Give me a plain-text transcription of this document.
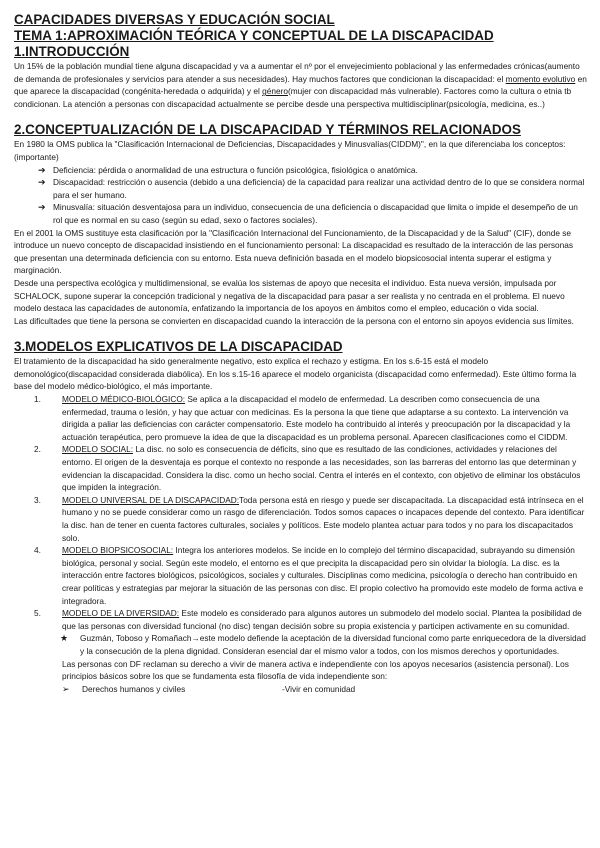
CAPACIDADES DIVERSAS Y EDUCACIÓN SOCIAL
TEMA 1:APROXIMACIÓN TEÓRICA Y CONCEPTUAL DE LA DISCAPACIDAD
1.INTRODUCCIÓN

Un 15% de la población mundial tiene alguna discapacidad y va a aumentar el nº por el envejecimiento poblacional y las enfermedades crónicas(aumento de demanda de profesionales y servicios para atender a sus necesidades). Hay muchos factores que condicionan la discapacidad: el momento evolutivo en que aparece la discapacidad (congénita-heredada o adquirida) y el género(mujer con discapacidad más vulnerable). Factores como la cultura o etnia tb condicionan. La atención a personas con discapacidad actualmente se percibe desde una perspectiva multidisciplinar(psicología, medicina, es..)

2.CONCEPTUALIZACIÓN DE LA DISCAPACIDAD Y TÉRMINOS RELACIONADOS

En 1980 la OMS publica la "Clasificación Internacional de Deficiencias, Discapacidades y Minusvalías(CIDDM)", en la que diferenciaba los conceptos: (importante)

➔ Deficiencia: pérdida o anormalidad de una estructura o función psicológica, fisiológica o anatómica.
➔ Discapacidad: restricción o ausencia (debido a una deficiencia) de la capacidad para realizar una actividad dentro de lo que se considera normal para el ser humano.
➔ Minusvalía: situación desventajosa para un individuo, consecuencia de una deficiencia o discapacidad que limita o impide el desempeño de un rol que es normal en su caso (según su edad, sexo o factores sociales).

En el 2001 la OMS sustituye esta clasificación por la "Clasificación Internacional del Funcionamiento, de la Discapacidad y de la Salud" (CIF), donde se introduce un nuevo concepto de discapacidad insistiendo en el funcionamiento personal: La discapacidad es resultado de la interacción de las personas que presentan una determinada deficiencia con su entorno. Esta nueva definición basada en el modelo biopsicosocial intenta superar el estigma y marginación.

Desde una perspectiva ecológica y multidimensional, se evalúa los sistemas de apoyo que necesita el individuo. Esta nueva versión, impulsada por SCHALOCK, supone superar la concepción tradicional y negativa de la discapacidad para pasar a ser realista y no centrada en el problema. El nuevo modelo destaca las capacidades de autonomía, enfatizando la importancia de los apoyos en ámbitos como el empleo, educación o vida social.

Las dificultades que tiene la persona se convierten en discapacidad cuando la interacción de la persona con el entorno sin apoyos evidencia sus límites.

3.MODELOS EXPLICATIVOS DE LA DISCAPACIDAD

El tratamiento de la discapacidad ha sido generalmente negativo, esto explica el rechazo y estigma. En los s.6-15 está el modelo demonológico(discapacidad considerada diabólica). En los s.15-16 aparece el modelo organicista (discapacidad como enfermedad). Este último forma la base del modelo médico-biológico, el más importante.

1.	MODELO MÉDICO-BIOLÓGICO: Se aplica a la discapacidad el modelo de enfermedad. La describen como consecuencia de una enfermedad, trauma o lesión, y hay que actuar con medicinas. Es la persona la que tiene que adaptarse a su contexto. La intervención va dirigida a paliar las deficiencias con carácter compensatorio. Este modelo ha contribuido al interés y preocupación por la discapacidad y la actuación terapéutica, pero promueve la idea de que la discapacidad es un problema personal. Aparecen clasificaciones como el CIDDM.
2.	MODELO SOCIAL: La disc. no solo es consecuencia de déficits, sino que es resultado de las condiciones, actividades y relaciones del entorno. El origen de la desventaja es porque el contexto no responde a las necesidades, son las barreras del entorno las que determinan y evidencian la discapacidad. Considera la disc. como un hecho social. Centra el interés en el contexto, con objetivo de eliminar los obstáculos que impiden la integración.
3.	MODELO UNIVERSAL DE LA DISCAPACIDAD:Toda persona está en riesgo y puede ser discapacitada. La discapacidad está intrínseca en el humano y no se puede considerar como un rasgo de diferenciación. Todos somos capaces o incapaces depende del contexto. Para identificar la disc. han de tener en cuenta factores culturales, sociales y políticos. Este modelo plantea actuar para todos y no para los discapacitados solo.
4.	MODELO BIOPSICOSOCIAL: Integra los anteriores modelos. Se incide en lo complejo del término discapacidad, subrayando su dimensión biológica, personal y social. Según este modelo, el entorno es el que precipita la discapacidad pero sin olvidar la biología. La disc. es la interacción entre factores biológicos, psicológicos, sociales y culturales. Disciplinas como medicina, psicología o derecho han contribuido en crear políticas y estrategias par mejorar la situación de las personas con disc. El propio colectivo ha promovido este modelo de forma activa e integradora.
5.	MODELO DE LA DIVERSIDAD: Este modelo es considerado para algunos autores un submodelo del modelo social. Plantea la posibilidad de que las personas con diversidad funcional (no disc) tengan decisión sobre su propia existencia y participen activamente en su comunidad.
★ Guzmán, Toboso y Romañach→este modelo defiende la aceptación de la diversidad funcional como parte enriquecedora de la diversidad y la consecución de la plena dignidad. Consideran esencial dar el mismo valor a todos, con los mismos derechos y oportunidades.
Las personas con DF reclaman su derecho a vivir de manera activa e independiente con los apoyos necesarios (asistencia personal). Los principios básicos sobre los que se fundamenta esta filosofía de vida independiente son:
➢ Derechos humanos y civiles	-Vivir en comunidad
